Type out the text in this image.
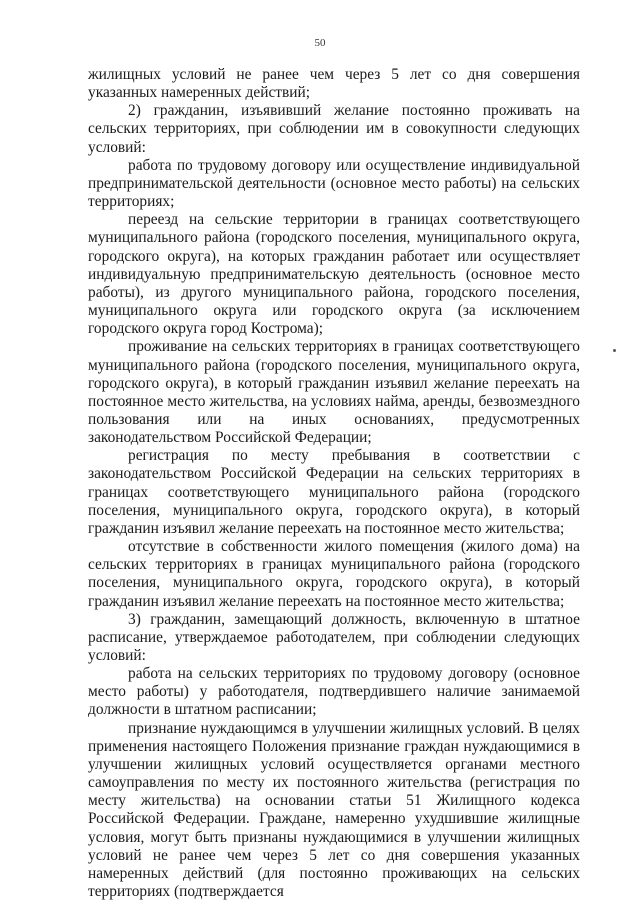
50

жилищных условий не ранее чем через 5 лет со дня совершения указанных намеренных действий;

2) гражданин, изъявивший желание постоянно проживать на сельских территориях, при соблюдении им в совокупности следующих условий:

работа по трудовому договору или осуществление индивидуальной предпринимательской деятельности (основное место работы) на сельских территориях;

переезд на сельские территории в границах соответствующего муниципального района (городского поселения, муниципального округа, городского округа), на которых гражданин работает или осуществляет индивидуальную предпринимательскую деятельность (основное место работы), из другого муниципального района, городского поселения, муниципального округа или городского округа (за исключением городского округа город Кострома);

проживание на сельских территориях в границах соответствующего муниципального района (городского поселения, муниципального округа, городского округа), в который гражданин изъявил желание переехать на постоянное место жительства, на условиях найма, аренды, безвозмездного пользования или на иных основаниях, предусмотренных законодательством Российской Федерации;

регистрация по месту пребывания в соответствии с законодательством Российской Федерации на сельских территориях в границах соответствующего муниципального района (городского поселения, муниципального округа, городского округа), в который гражданин изъявил желание переехать на постоянное место жительства;

отсутствие в собственности жилого помещения (жилого дома) на сельских территориях в границах муниципального района (городского поселения, муниципального округа, городского округа), в который гражданин изъявил желание переехать на постоянное место жительства;

3) гражданин, замещающий должность, включенную в штатное расписание, утверждаемое работодателем, при соблюдении следующих условий:

работа на сельских территориях по трудовому договору (основное место работы) у работодателя, подтвердившего наличие занимаемой должности в штатном расписании;

признание нуждающимся в улучшении жилищных условий. В целях применения настоящего Положения признание граждан нуждающимися в улучшении жилищных условий осуществляется органами местного самоуправления по месту их постоянного жительства (регистрация по месту жительства) на основании статьи 51 Жилищного кодекса Российской Федерации. Граждане, намеренно ухудшившие жилищные условия, могут быть признаны нуждающимися в улучшении жилищных условий не ранее чем через 5 лет со дня совершения указанных намеренных действий (для постоянно проживающих на сельских территориях (подтверждается
